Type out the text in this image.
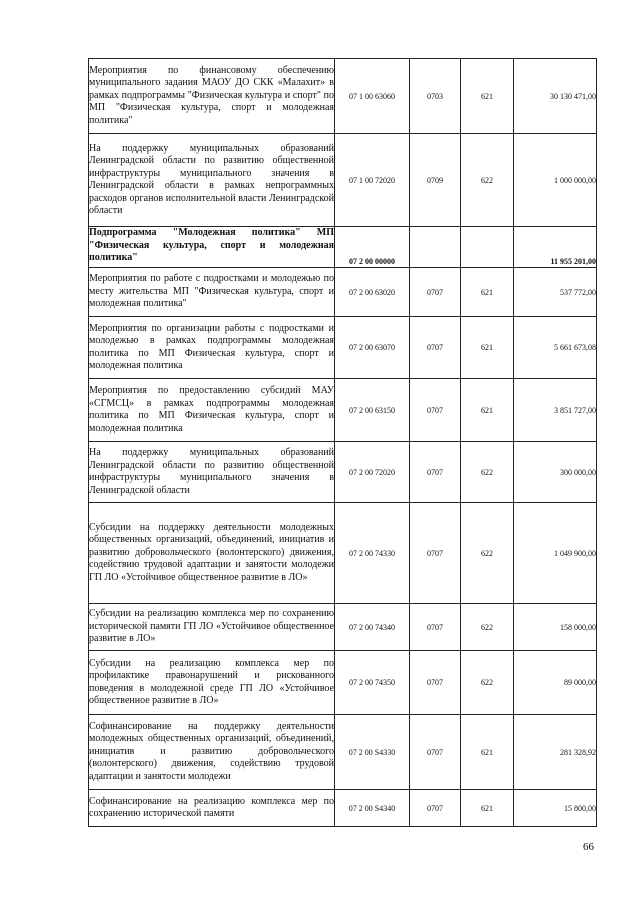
Мероприятия по финансовому обеспечению муниципального задания МАОУ ДО СКК «Малахит» в рамках подпрограммы "Физическая культура и спорт" по МП "Физическая культура, спорт и молодежная политика"	07 1 00 63060	0703	621	30 130 471,00
На поддержку муниципальных образований Ленинградской области по развитию общественной инфраструктуры муниципального значения в Ленинградской области в рамках непрограммных расходов органов исполнительной власти Ленинградской области	07 1 00 72020	0709	622	1 000 000,00
Подпрограмма "Молодежная политика" МП "Физическая культура, спорт и молодежная политика"	07 2 00 00000			11 955 201,00
Мероприятия по работе с подростками и молодежью по месту жительства МП "Физическая культура, спорт и молодежная политика"	07 2 00 63020	0707	621	537 772,00
Мероприятия по организации работы с подростками и молодежью в рамках подпрограммы молодежная политика по МП Физическая культура, спорт и молодежная политика	07 2 00 63070	0707	621	5 661 673,08
Мероприятия по предоставлению субсидий МАУ «СГМСЦ» в рамках подпрограммы молодежная политика по МП Физическая культура, спорт и молодежная политика	07 2 00 63150	0707	621	3 851 727,00
На поддержку муниципальных образований Ленинградской области по развитию общественной инфраструктуры муниципального значения в Ленинградской области	07 2 00 72020	0707	622	300 000,00
Субсидии на поддержку деятельности молодежных общественных организаций, объединений, инициатив и развитию добровольческого (волонтерского) движения, содействию трудовой адаптации и занятости молодежи ГП ЛО «Устойчивое общественное развитие в ЛО»	07 2 00 74330	0707	622	1 049 900,00
Субсидии на реализацию комплекса мер по сохранению исторической памяти ГП ЛО «Устойчивое общественное развитие в ЛО»	07 2 00 74340	0707	622	158 000,00
Субсидии на реализацию комплекса мер по профилактике правонарушений и рискованного поведения в молодежной среде ГП ЛО «Устойчивое общественное развитие в ЛО»	07 2 00 74350	0707	622	89 000,00
Софинансирование на поддержку деятельности молодежных общественных организаций, объединений, инициатив и развитию добровольческого (волонтерского) движения, содействию трудовой адаптации и занятости молодежи	07 2 00 S4330	0707	621	281 328,92
Софинансирование на реализацию комплекса мер по сохранению исторической памяти	07 2 00 S4340	0707	621	15 800,00
66
